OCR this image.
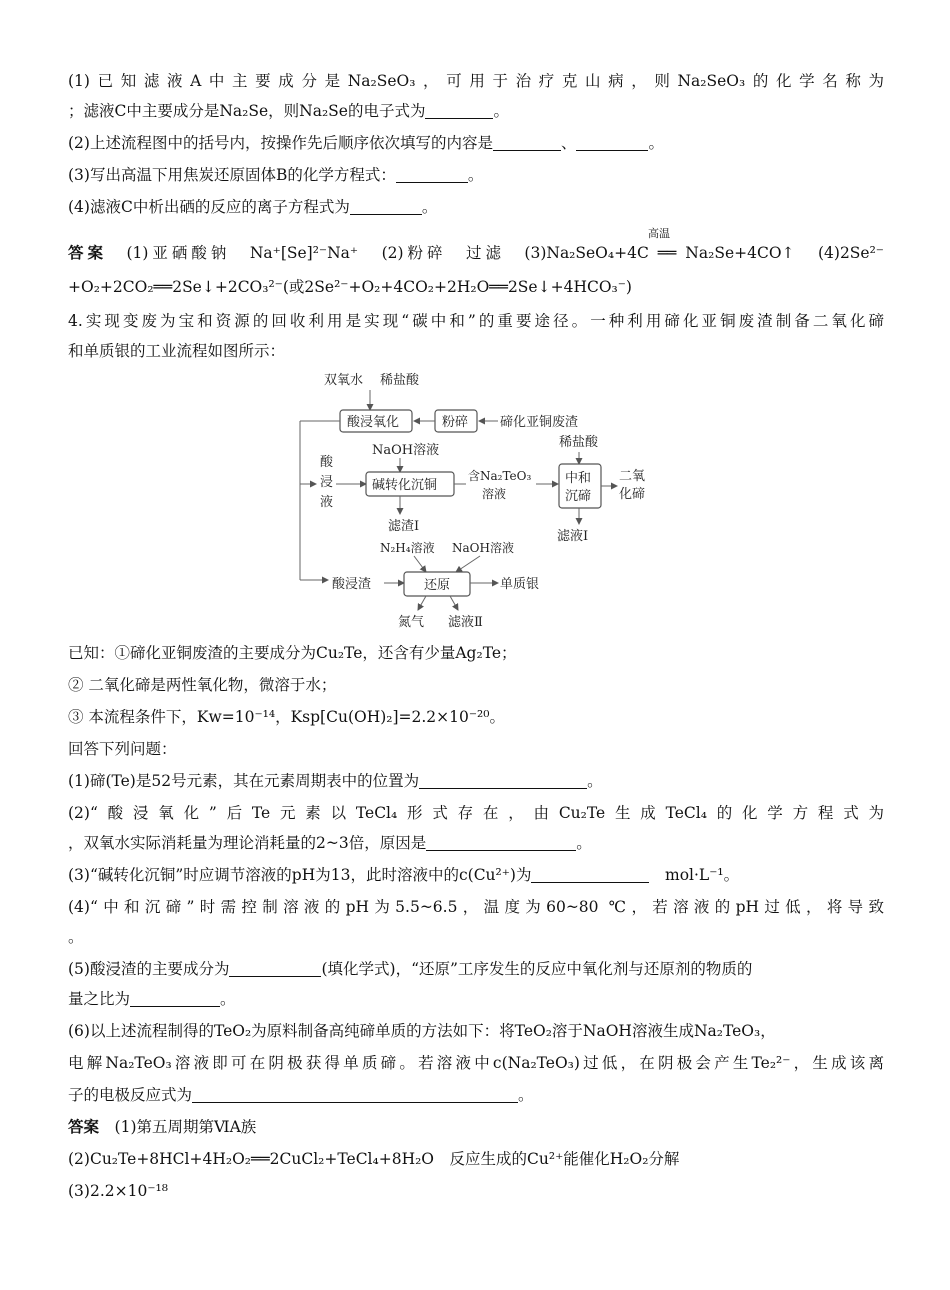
(1)已知滤液A中主要成分是Na₂SeO₃，可用于治疗克山病，则Na₂SeO₃的化学名称为
；滤液C中主要成分是Na₂Se，则Na₂Se的电子式为	。
(2)上述流程图中的括号内，按操作先后顺序依次填写的内容是	、	。
(3)写出高温下用焦炭还原固体B的化学方程式：	。
(4)滤液C中析出硒的反应的离子方程式为	。
高温
答案　 (1)亚硒酸钠　Na⁺[Se]²⁻Na⁺　(2)粉碎　过滤　(3)Na₂SeO₄+4C ══ Na₂Se+4CO↑　(4)2Se²⁻
+O₂+2CO₂══2Se↓+2CO₃²⁻(或2Se²⁻+O₂+4CO₂+2H₂O══2Se↓+4HCO₃⁻)
4.实现变废为宝和资源的回收利用是实现“碳中和”的重要途径。一种利用碲化亚铜废渣制备二氧化碲
和单质银的工业流程如图所示：
双氧水 稀盐酸
酸浸氧化	粉碎 碲化亚铜废渣
酸
浸
液
NaOH溶液
碱转化沉铜
滤渣Ⅰ
含Na₂TeO₃
溶液
稀盐酸
中和
沉碲
二氧
化碲
滤液Ⅰ
N₂H₄溶液 NaOH溶液
酸浸渣	还原	单质银
氮气 滤液Ⅱ
已知：①碲化亚铜废渣的主要成分为Cu₂Te，还含有少量Ag₂Te；
② 二氧化碲是两性氧化物，微溶于水；
③ 本流程条件下，Kw=10⁻¹⁴，Ksp[Cu(OH)₂]=2.2×10⁻²⁰。
回答下列问题：
(1)碲(Te)是52号元素，其在元素周期表中的位置为	。
(2)“酸浸氧化”后Te元素以TeCl₄形式存在，由Cu₂Te生成TeCl₄的化学方程式为
，双氧水实际消耗量为理论消耗量的2~3倍，原因是	。
(3)“碱转化沉铜”时应调节溶液的pH为13，此时溶液中的c(Cu²⁺)为　	mol·L⁻¹。
(4)“中和沉碲”时需控制溶液的pH为5.5~6.5，温度为60~80 ℃，若溶液的pH过低，将导致
。
(5)酸浸渣的主要成分为	(填化学式)，“还原”工序发生的反应中氧化剂与还原剂的物质的
量之比为	。
(6)以上述流程制得的TeO₂为原料制备高纯碲单质的方法如下：将TeO₂溶于NaOH溶液生成Na₂TeO₃，
电解Na₂TeO₃溶液即可在阴极获得单质碲。若溶液中c(Na₂TeO₃)过低，在阴极会产生Te₂²⁻，生成该离
子的电极反应式为	。
答案　 (1)第五周期第ⅥA族
(2)Cu₂Te+8HCl+4H₂O₂══2CuCl₂+TeCl₄+8H₂O　反应生成的Cu²⁺能催化H₂O₂分解
(3)2.2×10⁻¹⁸
